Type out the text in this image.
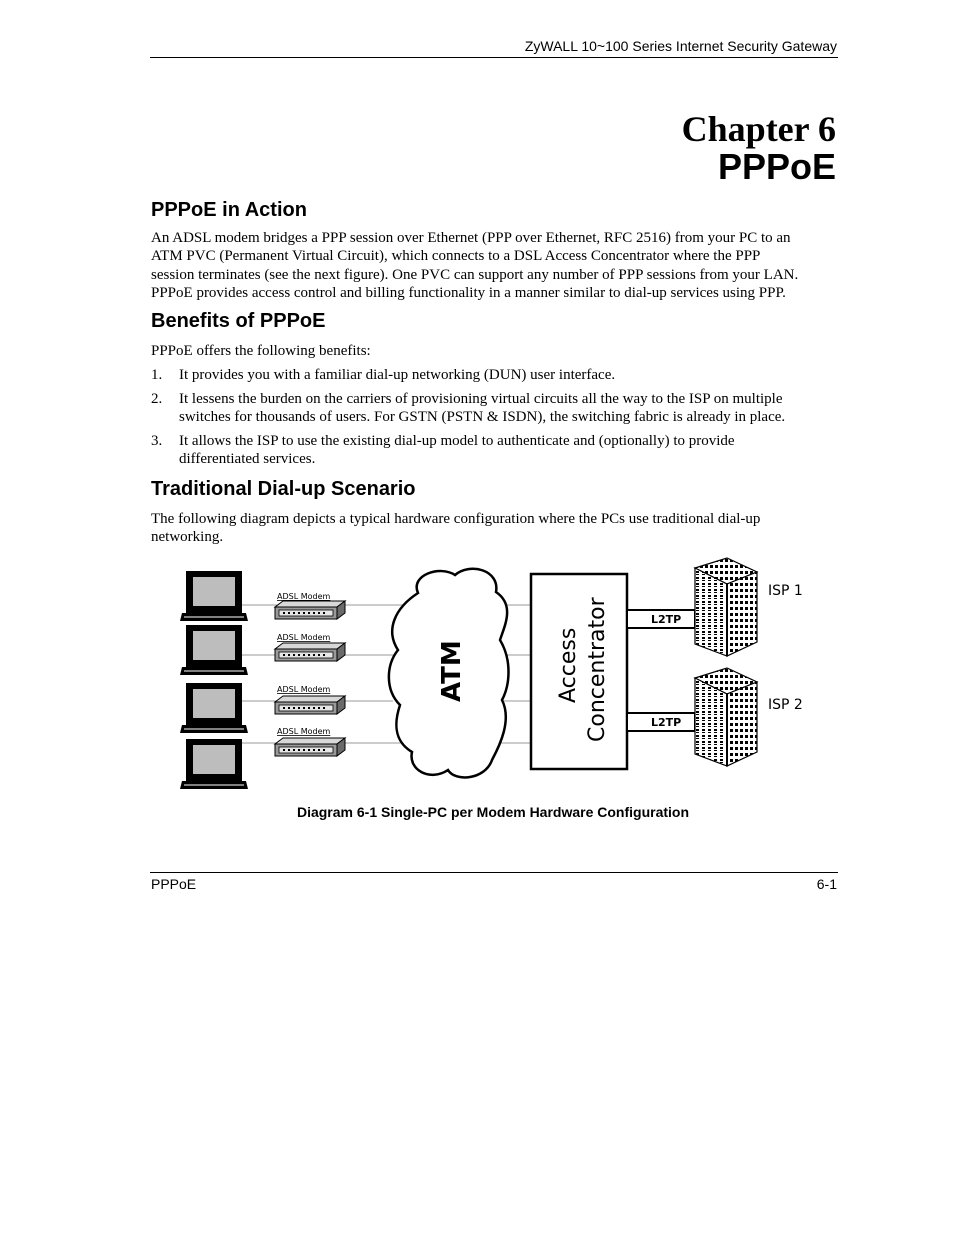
ZyWALL 10~100 Series Internet Security Gateway
Chapter 6
PPPoE
PPPoE in Action
An ADSL modem bridges a PPP session over Ethernet (PPP over Ethernet, RFC 2516) from your PC to an
ATM PVC (Permanent Virtual Circuit), which connects to a DSL Access Concentrator where the PPP
session terminates (see the next figure). One PVC can support any number of PPP sessions from your LAN.
PPPoE provides access control and billing functionality in a manner similar to dial-up services using PPP.
Benefits of PPPoE
PPPoE offers the following benefits:
1. It provides you with a familiar dial-up networking (DUN) user interface.
2. It lessens the burden on the carriers of provisioning virtual circuits all the way to the ISP on multiple
switches for thousands of users. For GSTN (PSTN & ISDN), the switching fabric is already in place.
3. It allows the ISP to use the existing dial-up model to authenticate and (optionally) to provide
differentiated services.
Traditional Dial-up Scenario
The following diagram depicts a typical hardware configuration where the PCs use traditional dial-up
networking.
ADSL Modem
ADSL Modem
ADSL Modem
ADSL Modem
ATM	Access Concentrator	L2TP
L2TP
ISP 1
ISP 2
Diagram 6-1 Single-PC per Modem Hardware Configuration
PPPoE	6-1
